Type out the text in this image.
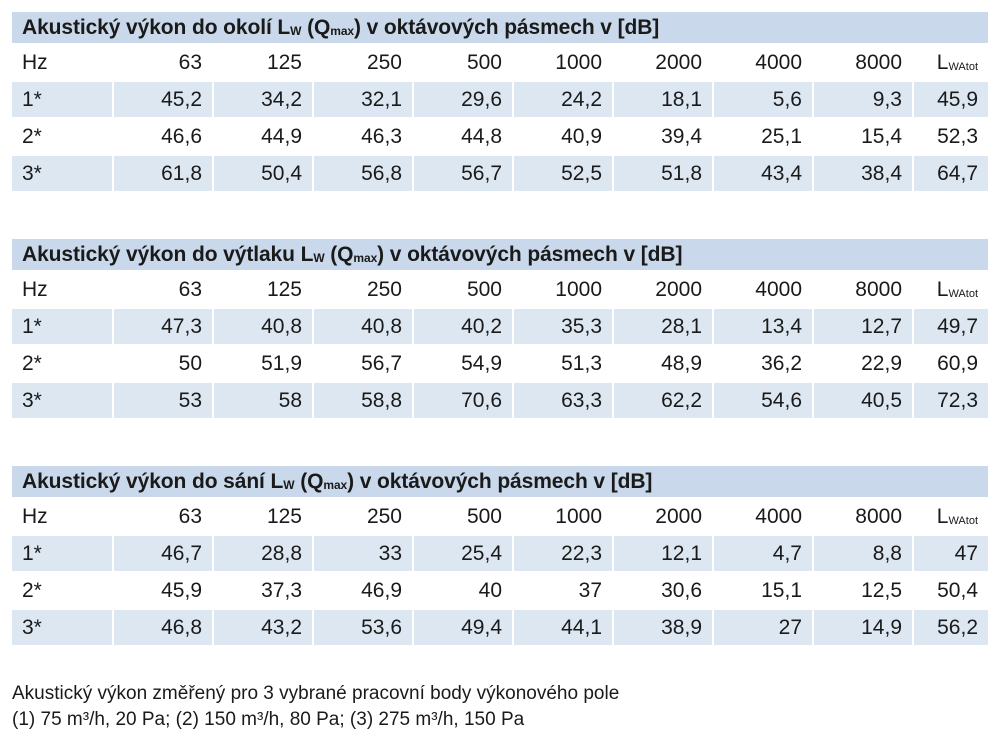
Akustický výkon do okolí $L_W$ $(Q_{max})$ v oktávových pásmech v [dB]
Hz	63	125	250	500	1000	2000	4000	8000	$L_{WAtot}$
1*	45,2	34,2	32,1	29,6	24,2	18,1	5,6	9,3	45,9
2*	46,6	44,9	46,3	44,8	40,9	39,4	25,1	15,4	52,3
3*	61,8	50,4	56,8	56,7	52,5	51,8	43,4	38,4	64,7
Akustický výkon do výtlaku $L_W$ $(Q_{max})$ v oktávových pásmech v [dB]
Hz	63	125	250	500	1000	2000	4000	8000	$L_{WAtot}$
1*	47,3	40,8	40,8	40,2	35,3	28,1	13,4	12,7	49,7
2*	50	51,9	56,7	54,9	51,3	48,9	36,2	22,9	60,9
3*	53	58	58,8	70,6	63,3	62,2	54,6	40,5	72,3
Akustický výkon do sání $L_W$ $(Q_{max})$ v oktávových pásmech v [dB]
Hz	63	125	250	500	1000	2000	4000	8000	$L_{WAtot}$
1*	46,7	28,8	33	25,4	22,3	12,1	4,7	8,8	47
2*	45,9	37,3	46,9	40	37	30,6	15,1	12,5	50,4
3*	46,8	43,2	53,6	49,4	44,1	38,9	27	14,9	56,2
Akustický výkon změřený pro 3 vybrané pracovní body výkonového pole
(1) 75 m³/h, 20 Pa; (2) 150 m³/h, 80 Pa; (3) 275 m³/h, 150 Pa
